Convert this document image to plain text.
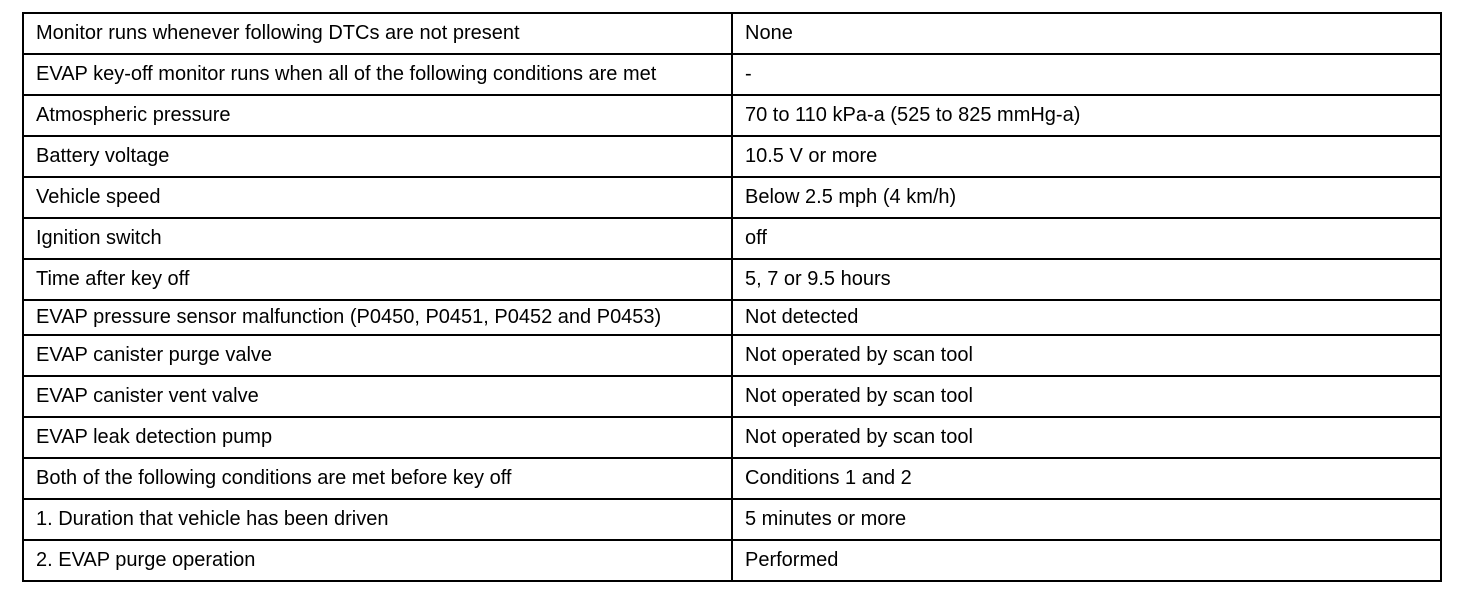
Monitor runs whenever following DTCs are not present	None
EVAP key-off monitor runs when all of the following conditions are met	-
Atmospheric pressure	70 to 110 kPa-a (525 to 825 mmHg-a)
Battery voltage	10.5 V or more
Vehicle speed	Below 2.5 mph (4 km/h)
Ignition switch	off
Time after key off	5, 7 or 9.5 hours
EVAP pressure sensor malfunction (P0450, P0451, P0452 and P0453)	Not detected
EVAP canister purge valve	Not operated by scan tool
EVAP canister vent valve	Not operated by scan tool
EVAP leak detection pump	Not operated by scan tool
Both of the following conditions are met before key off	Conditions 1 and 2
1. Duration that vehicle has been driven	5 minutes or more
2. EVAP purge operation	Performed
